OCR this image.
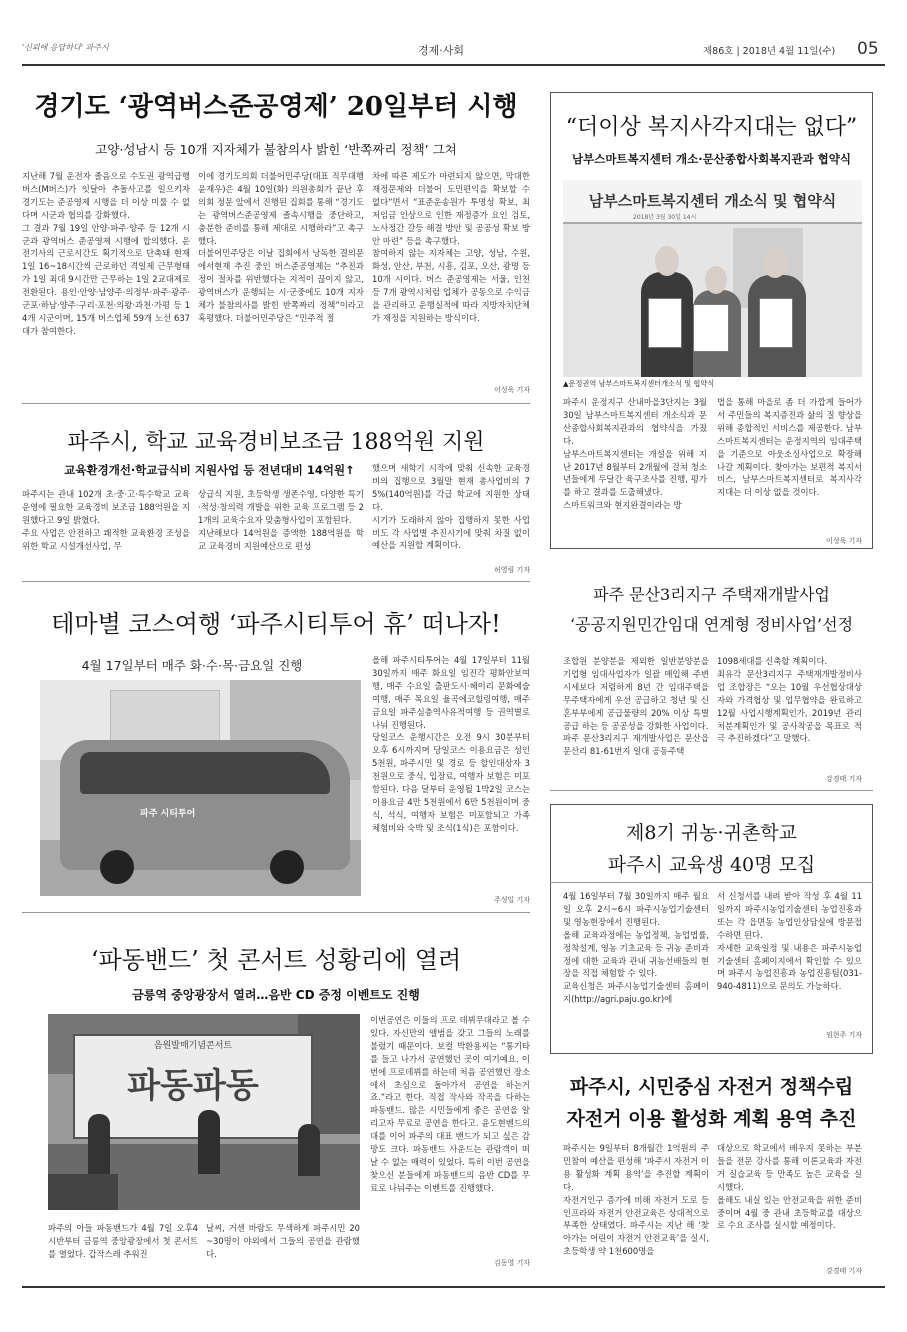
'신뢰에 응답하다' 파주시	경제·사회	제86호 | 2018년 4월 11일(수) 05
경기도 ‘광역버스준공영제’ 20일부터 시행
고양·성남시 등 10개 지자체가 불참의사 밝힌 ‘반쪽짜리 정책’ 그쳐
지난해 7월 운전자 졸음으로 수도권 광역급행버스(M버스)가 잇달아 추돌사고를 일으키자 경기도는 준공영제 시행을 더 이상 미룰 수 없다며 시군과 협의를 강화했다.
그 결과 7월 19일 안양·파주·양주 등 12개 시군과 광역버스 준공영제 시행에 합의했다. 운전기사의 근로시간도 획기적으로 단축돼 현재 1일 16~18시간씩 근로하던 격일제 근무형태가 1일 최대 9시간만 근무하는 1일 2교대제로 전환된다. 용인·안양·남양주·의정부·파주·광주·군포·하남·양주·구리·포천·의왕·과천·가평 등 14개 시군이며, 15개 버스업체 59개 노선 637대가 참여한다.
이에 경기도의회 더불어민주당(대표 직무대행 윤재우)은 4월 10일(화) 의원총회가 끝난 후 의회 정문 앞에서 진행된 집회를 통해 “경기도는 광역버스준공영제 졸속시행을 중단하고, 충분한 준비를 통해 제대로 시행하라”고 촉구했다.
더불어민주당은 이날 집회에서 낭독한 결의문에서현재 추진 중인 버스준공영제는 “추진과정이 절차를 위반했다는 지적이 끊이지 않고, 광역버스가 운행되는 시·군중에도 10개 지자체가 불참의사를 밝힌 반쪽짜리 정책”이라고 혹평했다. 더불어민주당은 “민주적 절
차에 따른 제도가 마련되지 않으면, 막대한 재정문제와 더불어 도민편익을 확보할 수 없다”면서 “표준운송원가 투명성 확보, 최저임금 인상으로 인한 재정증가 요인 검토, 노사정간 갈등 해결 방안 및 공공성 확보 방안 마련” 등을 촉구했다.
참여하지 않는 지자체는 고양, 성남, 수원, 화성, 안산, 부천, 시흥, 김포, 오산, 광명 등 10개 시이다. 버스 준공영제는 서울, 인천 등 7개 광역시처럼 업체가 공동으로 수익금을 관리하고 운행실적에 따라 지방자치단체가 재정을 지원하는 방식이다.
이성욱 기자
“더이상 복지사각지대는 없다”
남부스마트복지센터 개소·문산종합사회복지관과 협약식
남부스마트복지센터 개소식 및 협약식
2018년 3월 30일 14시
▲운정권역 남부스마트복지센터개소식 및 협약식
파주시 운정지구 산내마을3단지는 3월30일 남부스마트복지센터 개소식과 문산종합사회복지관과의 협약식을 가졌다.
남부스마트복지센터는 개설을 위해 지난 2017년 8월부터 2개월에 걸쳐 청소년들에게 두달간 육구조사를 진행, 평가를 하고 결과를 도출해냈다.
스마트워크와 현지완결이라는 방
법을 통해 마을로 좀 더 가깝게 들어가서 주민들의 복지증진과 삶의 질 향상을 위해 종합적인 서비스를 제공한다. 남부스마트복지센터는 운정지역의 임대주택을 기준으로 아웃소싱사업으로 확장해 나갈 계획이다. 찾아가는 보편적 복지서비스, 남부스마트복지센터로 복지사각지대는 더 이상 없을 것이다.
이성욱 기자
파주시, 학교 교육경비보조금 188억원 지원
교육환경개선·학교급식비 지원사업 등 전년대비 14억원↑
파주시는 관내 102개 초·중·고·특수학교 교육운영에 필요한 교육경비 보조금 188억원을 지원했다고 9일 밝혔다.
주요 사업은 안전하고 쾌적한 교육환경 조성을 위한 학교 시설개선사업, 무
상급식 지원, 초등학생 생존수영, 다양한 특기·적성·창의력 개발을 위한 교육 프로그램 등 21개의 교육수요자 맞춤형사업이 포함된다.
지난해보다 14억원을 증액한 188억원을 학교 교육경비 지원예산으로 편성
했으며 새학기 시작에 맞춰 신속한 교육경비의 집행으로 3월말 현재 총사업비의 75%(140억원)를 각급 학교에 지원한 상태다.
시기가 도래하지 않아 집행하지 못한 사업비도 각 사업별 추진시기에 맞춰 차질 없이 예산을 지원할 계획이다.
허영림 기자
파주 문산3리지구 주택재개발사업
‘공공지원민간임대 연계형 정비사업’선정
조합원 분양분을 제외한 일반분양분을 기업형 임대사업자가 일괄 매입해 주변 시세보다 저렴하게 8년 간 임대주택을 무주택자에게 우선 공급하고 청년 및 신혼부부에게 공급물량의 20% 이상 특별공급 하는 등 공공성을 강화한 사업이다.
파주 문산3리지구 재개발사업은 문산읍 문산리 81-61번지 일대 공동주택
1098세대를 신축할 계획이다.
최유각 문산3리지구 주택재개발정비사업 조합장은 “오는 10월 우선협상대상자와 가격협상 및 업무협약을 완료하고 12월 사업시행계획인가, 2019년 관리처분계획인가 및 공사착공을 목표로 적극 추진하겠다”고 말했다.
강경태 기자
테마별 코스여행 ‘파주시티투어 휴’ 떠나자!
4월 17일부터 매주 화·수·목·금요일 진행
파주 시티투어
올해 파주시티투어는 4월 17일부터 11월 30일까지 매주 화요일 임진각 평화안보여행, 매주 수요일 출판도시·헤이리 문화예술여행, 매주 목요일 율곡에코힐링여행, 매주 금요일 파주심층역사유적여행 등 권역별로 나눠 진행된다.
당일코스 운행시간은 오전 9시 30분부터 오후 6시까지며 당일코스 이용요금은 성인 5천원, 파주시민 및 경로 등 할인대상자 3천원으로 중식, 입장료, 여행자 보험은 미포함된다. 다음 달부터 운영될 1박2일 코스는 이용요금 4만 5천원에서 6만 5천원이며 중식, 석식, 여행자 보험은 미포함되고 가족 체험비와 숙박 및 조식(1식)은 포함이다.
주성일 기자
제8기 귀농·귀촌학교
파주시 교육생 40명 모집
4월 16일부터 7월 30일까지 매주 월요일 오후 2시~6시 파주시농업기술센터 및 영농현장에서 진행된다.
올해 교육과정에는 농업정책, 농업법률, 정착설계, 영농 기초교육 등 귀농 준비과정에 대한 교육과 관내 귀농선배들의 현장을 직접 체험할 수 있다.
교육신청은 파주시농업기술센터 홈페이지(http://agri.paju.go.kr)에
서 신청서를 내려 받아 작성 후 4월 11일까지 파주시농업기술센터 농업진흥과 또는 각 읍면동 농업인상담실에 방문접수하면 된다.
자세한 교육일정 및 내용은 파주시농업기술센터 홈페이지에서 확인할 수 있으며 파주시 농업진흥과 농업진흥팀(031-940-4811)으로 문의도 가능하다.
임현주 기자
‘파동밴드’ 첫 콘서트 성황리에 열려
금릉역 중앙광장서 열려…음반 CD 증정 이벤트도 진행
음원발매기념콘서트
파동파동
파주의 아들 파동밴드가 4월 7일 오후4시반부터 금릉역 중앙광장에서 첫 콘서트를 열었다. 갑작스레 추워진
날씨, 거센 바람도 무색하게 파주시민 20~30명이 야외에서 그들의 공연을 관람했다.
이번공연은 이들의 프로 데뷔무대라고 볼 수 있다. 자신만의 앨범을 갖고 그들의 노래를 불렀기 때문이다. 보컬 박환용씨는 “통기타를 들고 나가서 공연했던 곳이 여기예요. 이번에 프로데뷔를 하는데 처음 공연했던 장소에서 초심으로 돌아가서 공연을 하는거죠.”라고 한다. 직접 작사와 작곡을 다하는 파동밴드. 많은 시민들에게 좋은 공연을 알리고자 무료로 공연을 한다고. 윤도현밴드의 대를 이어 파주의 대표 밴드가 되고 싶은 감망도 크다. 파동밴드 사운드는 관람객이 떠날 수 없는 매력이 있었다. 특히 이번 공연을 찾으신 분들에게 파동밴드의 음반 CD를 무료로 나눠주는 이벤트를 진행했다.
김동영 기자
파주시, 시민중심 자전거 정책수립
자전거 이용 활성화 계획 용역 추진
파주시는 9일부터 8개월간 1억원의 주민참여 예산을 편성해 ‘파주시 자전거 이용 활성화 계획 용역’을 추진할 계획이다.
자전거인구 증가에 비해 자전거 도로 등 인프라와 자전거 안전교육은 상대적으로 부족한 상태였다. 파주시는 지난 해 ‘찾아가는 어린이 자전거 안전교육’을 실시, 초등학생 약 1천600명을
대상으로 학교에서 배우지 못하는 부분들을 전문 강사를 통해 이론교육과 자전거 실습교육 등 만족도 높은 교육을 실시했다.
올해도 내실 있는 안전교육을 위한 준비 중이며 4월 중 관내 초등학교를 대상으로 수요 조사를 실시할 예정이다.
강경태 기자
